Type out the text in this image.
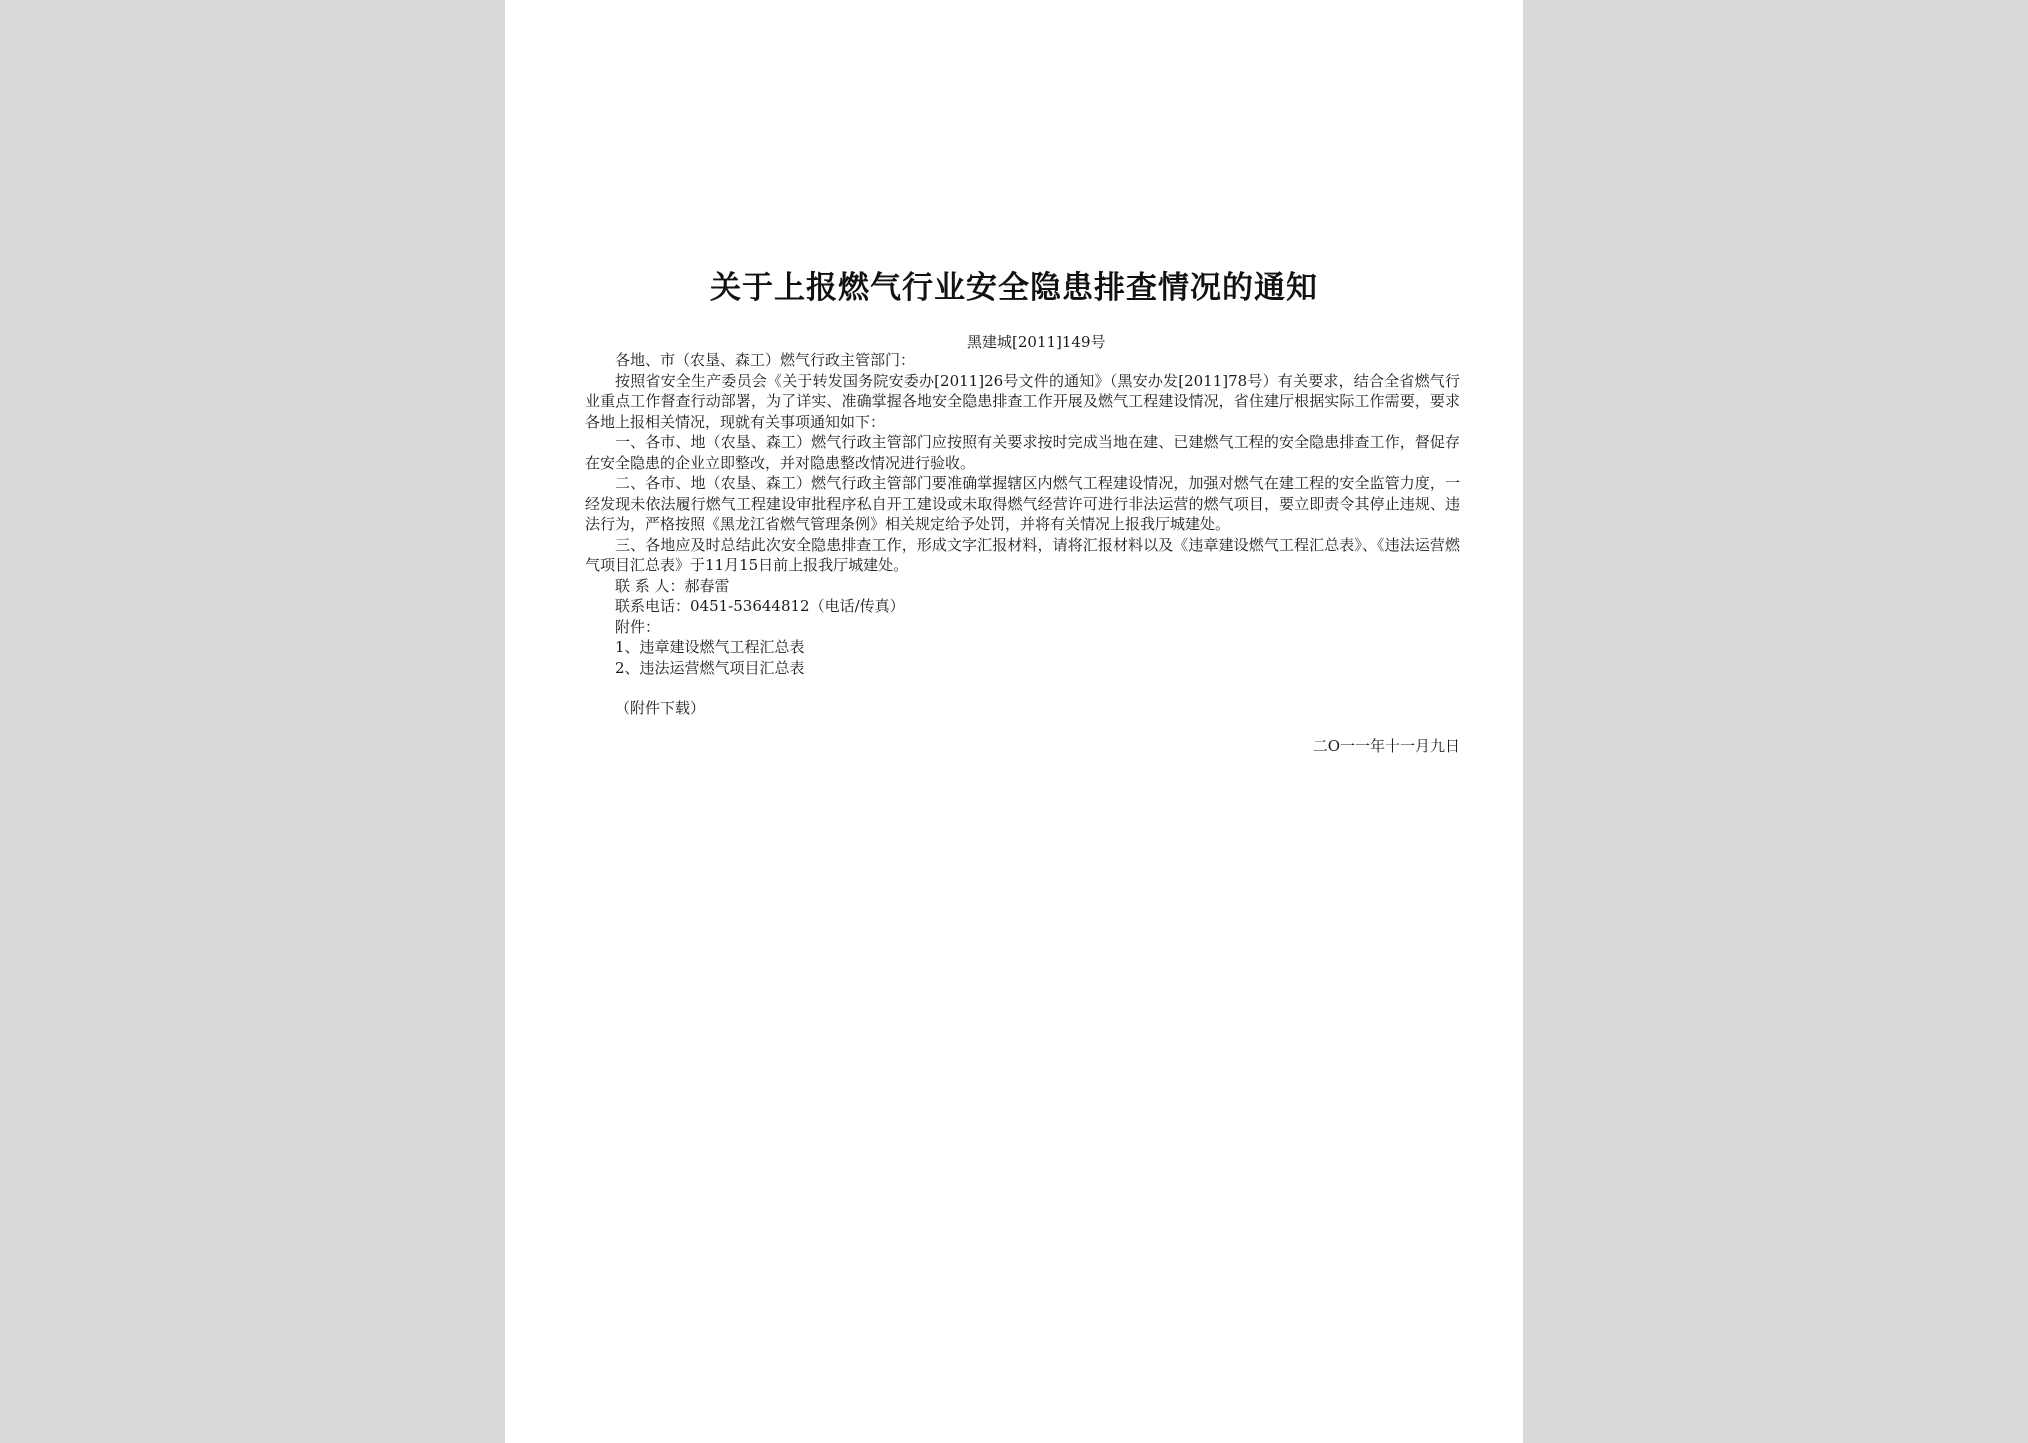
关于上报燃气行业安全隐患排查情况的通知
黑建城[2011]149号

各地、市（农垦、森工）燃气行政主管部门：

按照省安全生产委员会《关于转发国务院安委办[2011]26号文件的通知》（黑安办发[2011]78号）有关要求，结合全省燃气行业重点工作督查行动部署，为了详实、准确掌握各地安全隐患排查工作开展及燃气工程建设情况，省住建厅根据实际工作需要，要求各地上报相关情况，现就有关事项通知如下：

一、各市、地（农垦、森工）燃气行政主管部门应按照有关要求按时完成当地在建、已建燃气工程的安全隐患排查工作，督促存在安全隐患的企业立即整改，并对隐患整改情况进行验收。

二、各市、地（农垦、森工）燃气行政主管部门要准确掌握辖区内燃气工程建设情况，加强对燃气在建工程的安全监管力度，一经发现未依法履行燃气工程建设审批程序私自开工建设或未取得燃气经营许可进行非法运营的燃气项目，要立即责令其停止违规、违法行为，严格按照《黑龙江省燃气管理条例》相关规定给予处罚，并将有关情况上报我厅城建处。

三、各地应及时总结此次安全隐患排查工作，形成文字汇报材料，请将汇报材料以及《违章建设燃气工程汇总表》、《违法运营燃气项目汇总表》于11月15日前上报我厅城建处。

联 系 人：郝春雷

联系电话：0451-53644812（电话/传真）

附件：

1、违章建设燃气工程汇总表

2、违法运营燃气项目汇总表

（附件下载）

二O一一年十一月九日
